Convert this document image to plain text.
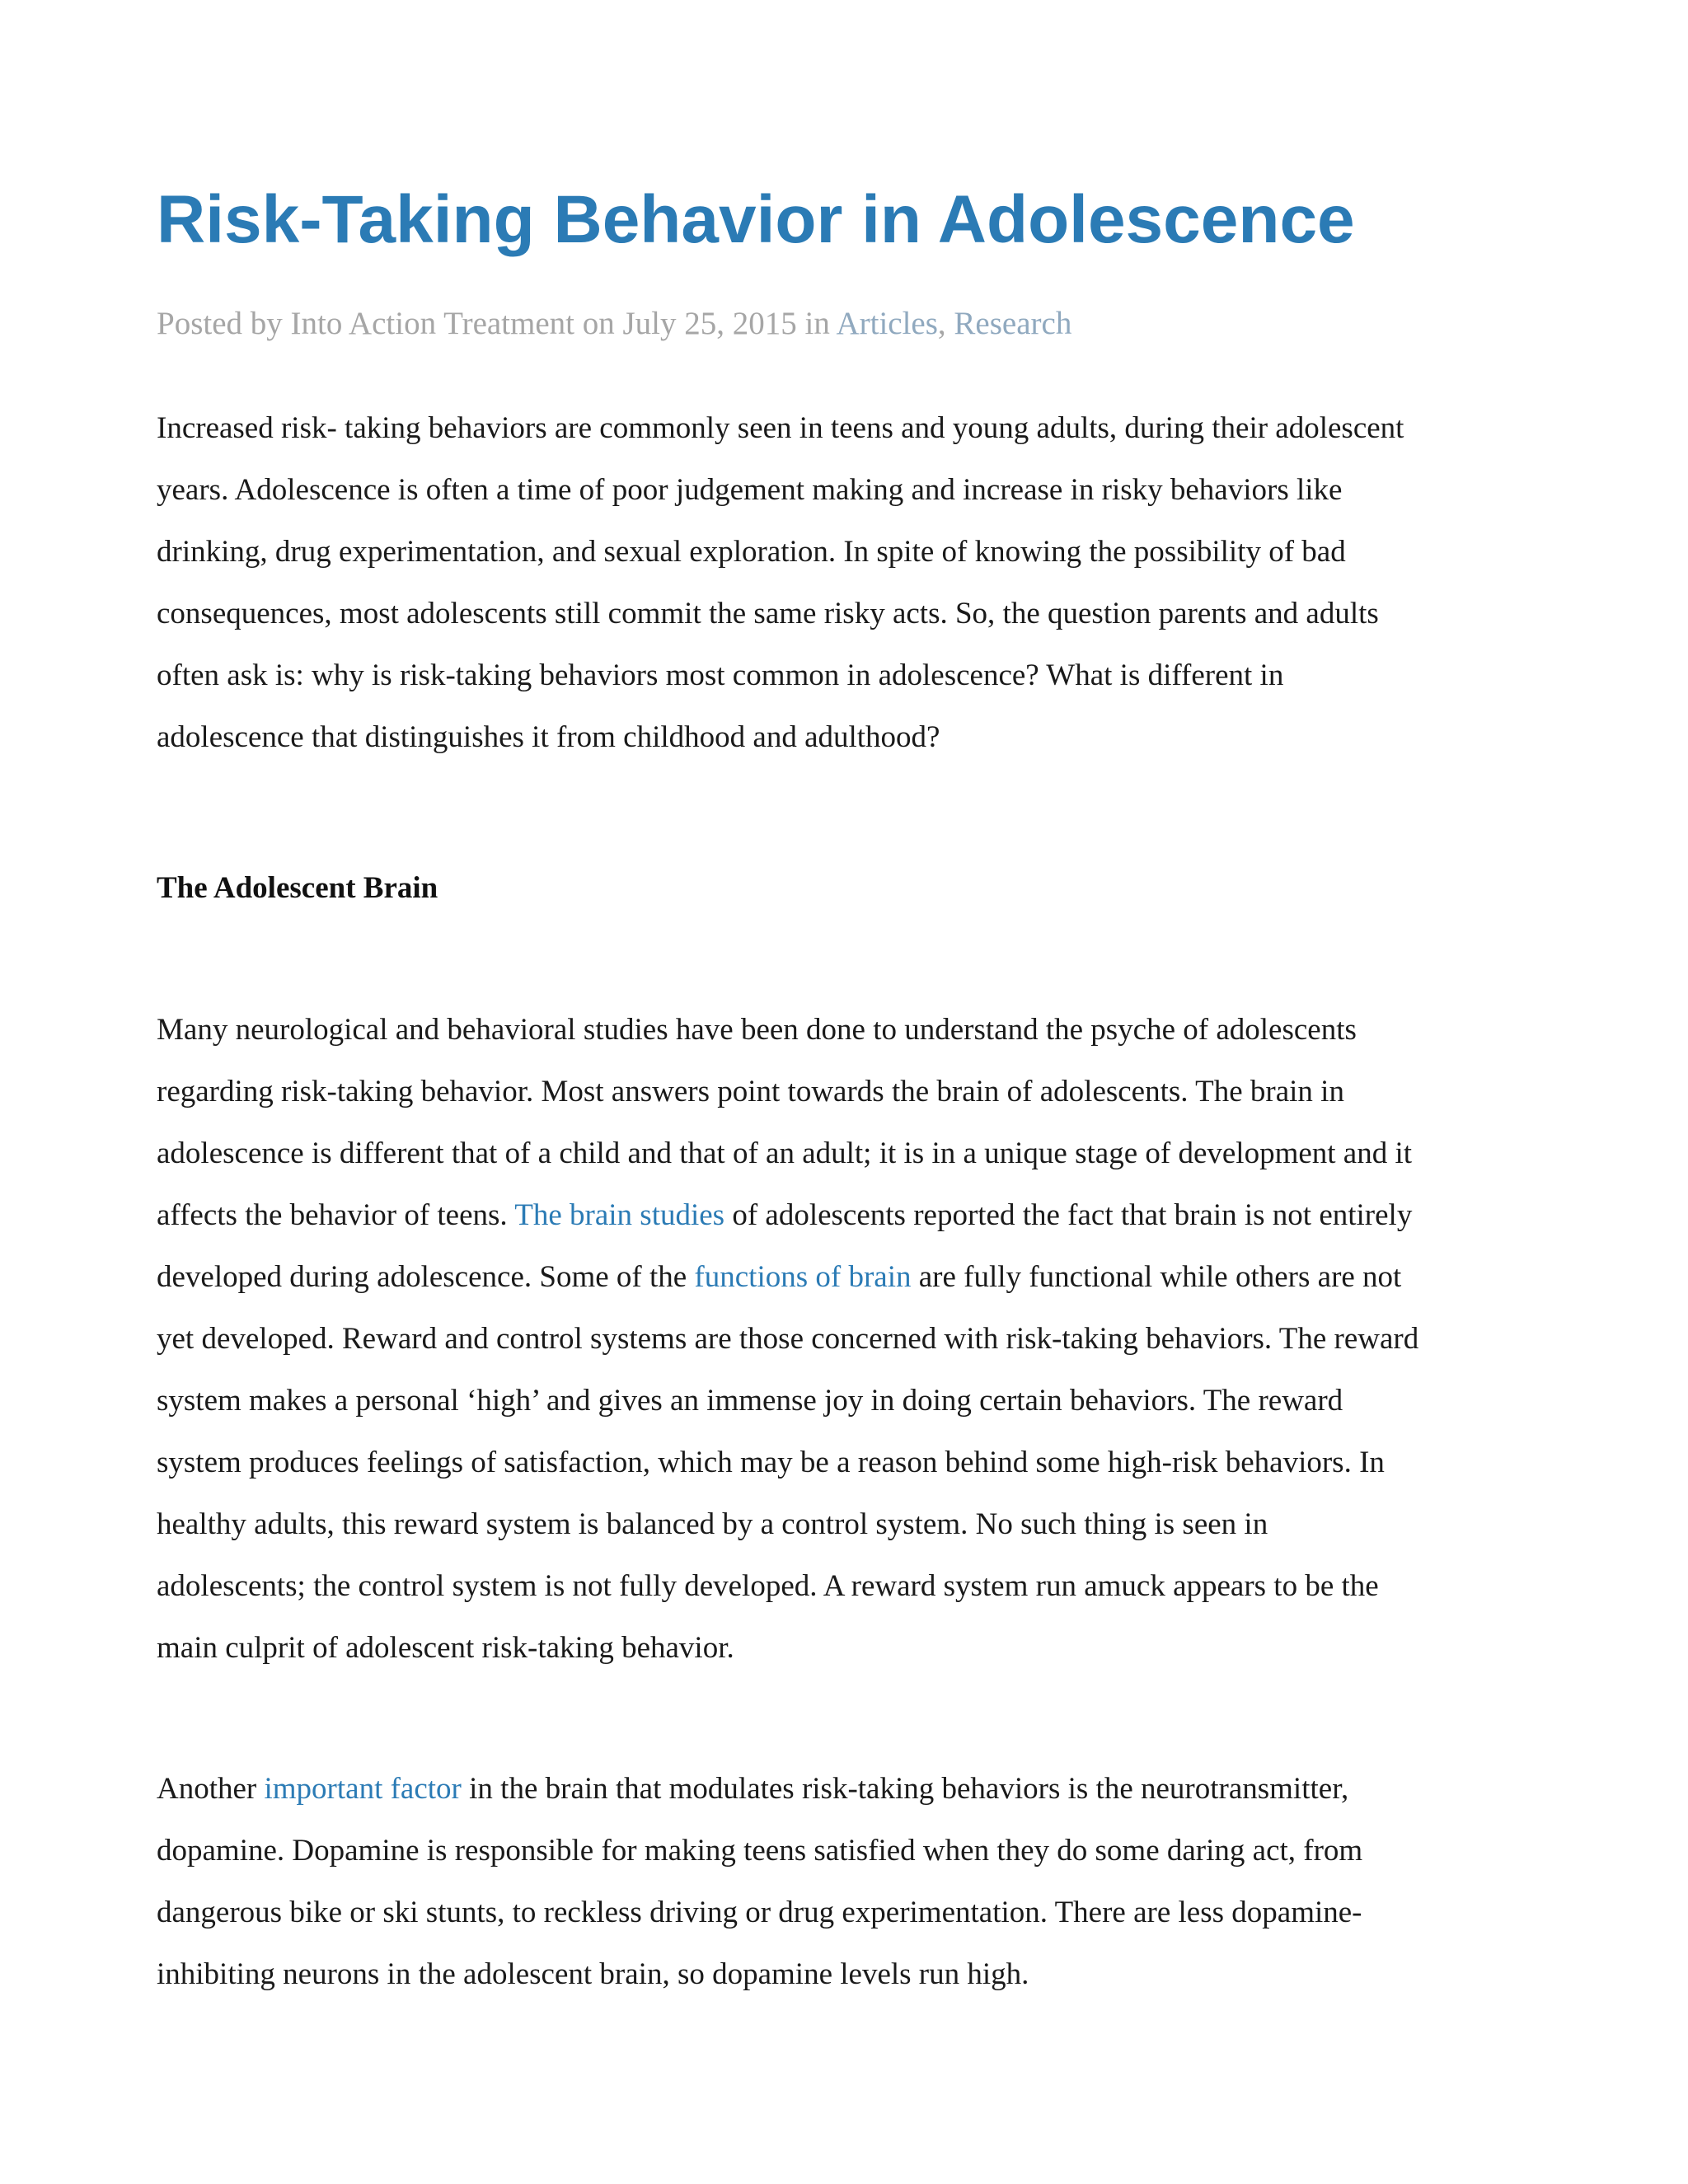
Risk-Taking Behavior in Adolescence
Posted by Into Action Treatment on July 25, 2015 in Articles, Research

Increased risk- taking behaviors are commonly seen in teens and young adults, during their adolescent
years. Adolescence is often a time of poor judgement making and increase in risky behaviors like
drinking, drug experimentation, and sexual exploration. In spite of knowing the possibility of bad
consequences, most adolescents still commit the same risky acts. So, the question parents and adults
often ask is: why is risk-taking behaviors most common in adolescence? What is different in
adolescence that distinguishes it from childhood and adulthood?

The Adolescent Brain

Many neurological and behavioral studies have been done to understand the psyche of adolescents
regarding risk-taking behavior. Most answers point towards the brain of adolescents. The brain in
adolescence is different that of a child and that of an adult; it is in a unique stage of development and it
affects the behavior of teens. The brain studies of adolescents reported the fact that brain is not entirely
developed during adolescence. Some of the functions of brain are fully functional while others are not
yet developed. Reward and control systems are those concerned with risk-taking behaviors. The reward
system makes a personal ‘high’ and gives an immense joy in doing certain behaviors. The reward
system produces feelings of satisfaction, which may be a reason behind some high-risk behaviors. In
healthy adults, this reward system is balanced by a control system. No such thing is seen in
adolescents; the control system is not fully developed. A reward system run amuck appears to be the
main culprit of adolescent risk-taking behavior.

Another important factor in the brain that modulates risk-taking behaviors is the neurotransmitter,
dopamine. Dopamine is responsible for making teens satisfied when they do some daring act, from
dangerous bike or ski stunts, to reckless driving or drug experimentation. There are less dopamine-
inhibiting neurons in the adolescent brain, so dopamine levels run high.
